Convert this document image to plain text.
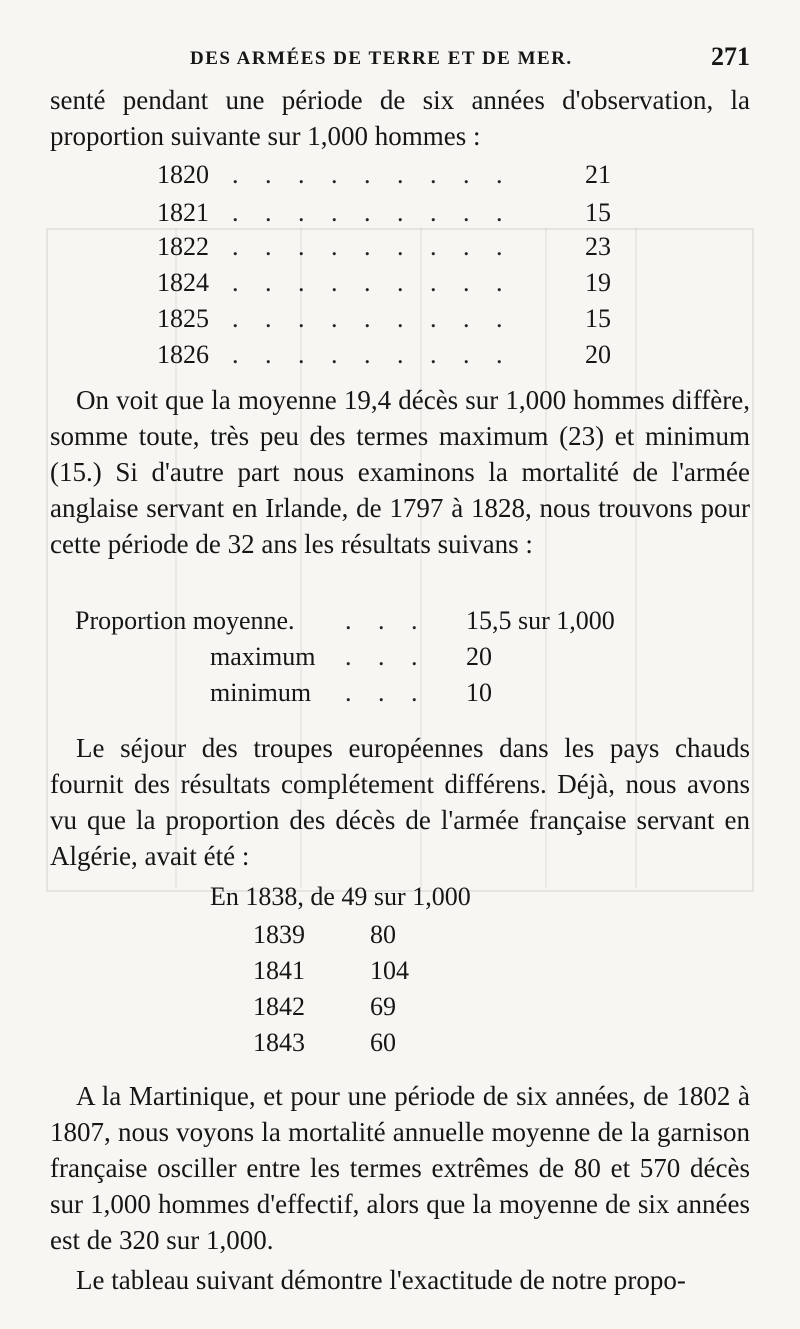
DES ARMÉES DE TERRE ET DE MER.	271

senté pendant une période de six années d'observation, la proportion suivante sur 1,000 hommes :

1820 . . . . . . . . .	21
1821 . . . . . . . . .	15
1822 . . . . . . . . .	23
1824 . . . . . . . . .	19
1825 . . . . . . . . .	15
1826 . . . . . . . . .	20

On voit que la moyenne 19,4 décès sur 1,000 hommes diffère, somme toute, très peu des termes maximum (23) et minimum (15.) Si d'autre part nous examinons la mortalité de l'armée anglaise servant en Irlande, de 1797 à 1828, nous trouvons pour cette période de 32 ans les résultats suivans :

Proportion moyenne. . . . 15,5 sur 1,000
maximum . . . 20
minimum . . . 10

Le séjour des troupes européennes dans les pays chauds fournit des résultats complétement différens. Déjà, nous avons vu que la proportion des décès de l'armée française servant en Algérie, avait été :

En 1838, de 49 sur 1,000
1839	80
1841	104
1842	69
1843	60

A la Martinique, et pour une période de six années, de 1802 à 1807, nous voyons la mortalité annuelle moyenne de la garnison française osciller entre les termes extrêmes de 80 et 570 décès sur 1,000 hommes d'effectif, alors que la moyenne de six années est de 320 sur 1,000.

Le tableau suivant démontre l'exactitude de notre propo-
